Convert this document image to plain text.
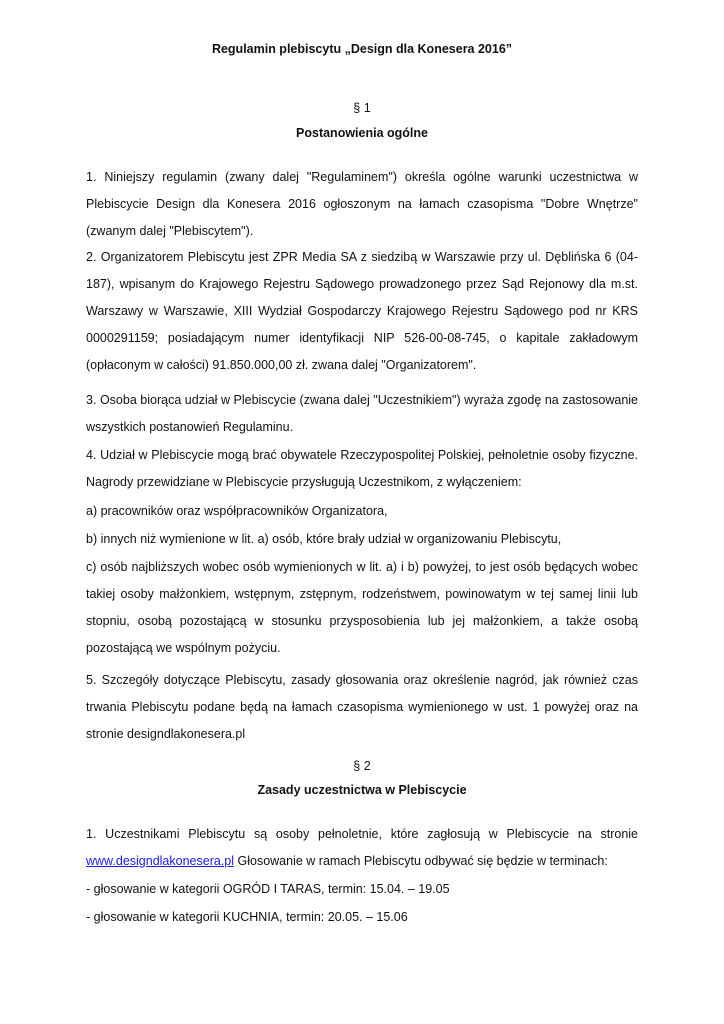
Regulamin plebiscytu „Design dla Konesera 2016”

§ 1

Postanowienia ogólne

1. Niniejszy regulamin (zwany dalej "Regulaminem") określa ogólne warunki uczestnictwa w Plebiscycie Design dla Konesera 2016 ogłoszonym na łamach czasopisma "Dobre Wnętrze" (zwanym dalej "Plebiscytem").

2. Organizatorem Plebiscytu jest ZPR Media SA z siedzibą w Warszawie przy ul. Dęblińska 6 (04-187), wpisanym do Krajowego Rejestru Sądowego prowadzonego przez Sąd Rejonowy dla m.st. Warszawy w Warszawie, XIII Wydział Gospodarczy Krajowego Rejestru Sądowego pod nr KRS 0000291159; posiadającym numer identyfikacji NIP 526-00-08-745, o kapitale zakładowym (opłaconym w całości) 91.850.000,00 zł. zwana dalej "Organizatorem".

3. Osoba biorąca udział w Plebiscycie (zwana dalej "Uczestnikiem") wyraża zgodę na zastosowanie wszystkich postanowień Regulaminu.

4. Udział w Plebiscycie mogą brać obywatele Rzeczypospolitej Polskiej, pełnoletnie osoby fizyczne. Nagrody przewidziane w Plebiscycie przysługują Uczestnikom, z wyłączeniem:

a) pracowników oraz współpracowników Organizatora,

b) innych niż wymienione w lit. a) osób, które brały udział w organizowaniu Plebiscytu,

c) osób najbliższych wobec osób wymienionych w lit. a) i b) powyżej, to jest osób będących wobec takiej osoby małżonkiem, wstępnym, zstępnym, rodzeństwem, powinowatym w tej samej linii lub stopniu, osobą pozostającą w stosunku przysposobienia lub jej małżonkiem, a także osobą pozostającą we wspólnym pożyciu.

5. Szczegóły dotyczące Plebiscytu, zasady głosowania oraz określenie nagród, jak również czas trwania Plebiscytu podane będą na łamach czasopisma wymienionego w ust. 1 powyżej oraz na stronie designdlakonesera.pl

§ 2

Zasady uczestnictwa w Plebiscycie

1. Uczestnikami Plebiscytu są osoby pełnoletnie, które zagłosują w Plebiscycie na stronie www.designdlakonesera.pl Głosowanie w ramach Plebiscytu odbywać się będzie w terminach:

- głosowanie w kategorii OGRÓD I TARAS, termin: 15.04. – 19.05

- głosowanie w kategorii KUCHNIA, termin: 20.05. – 15.06
